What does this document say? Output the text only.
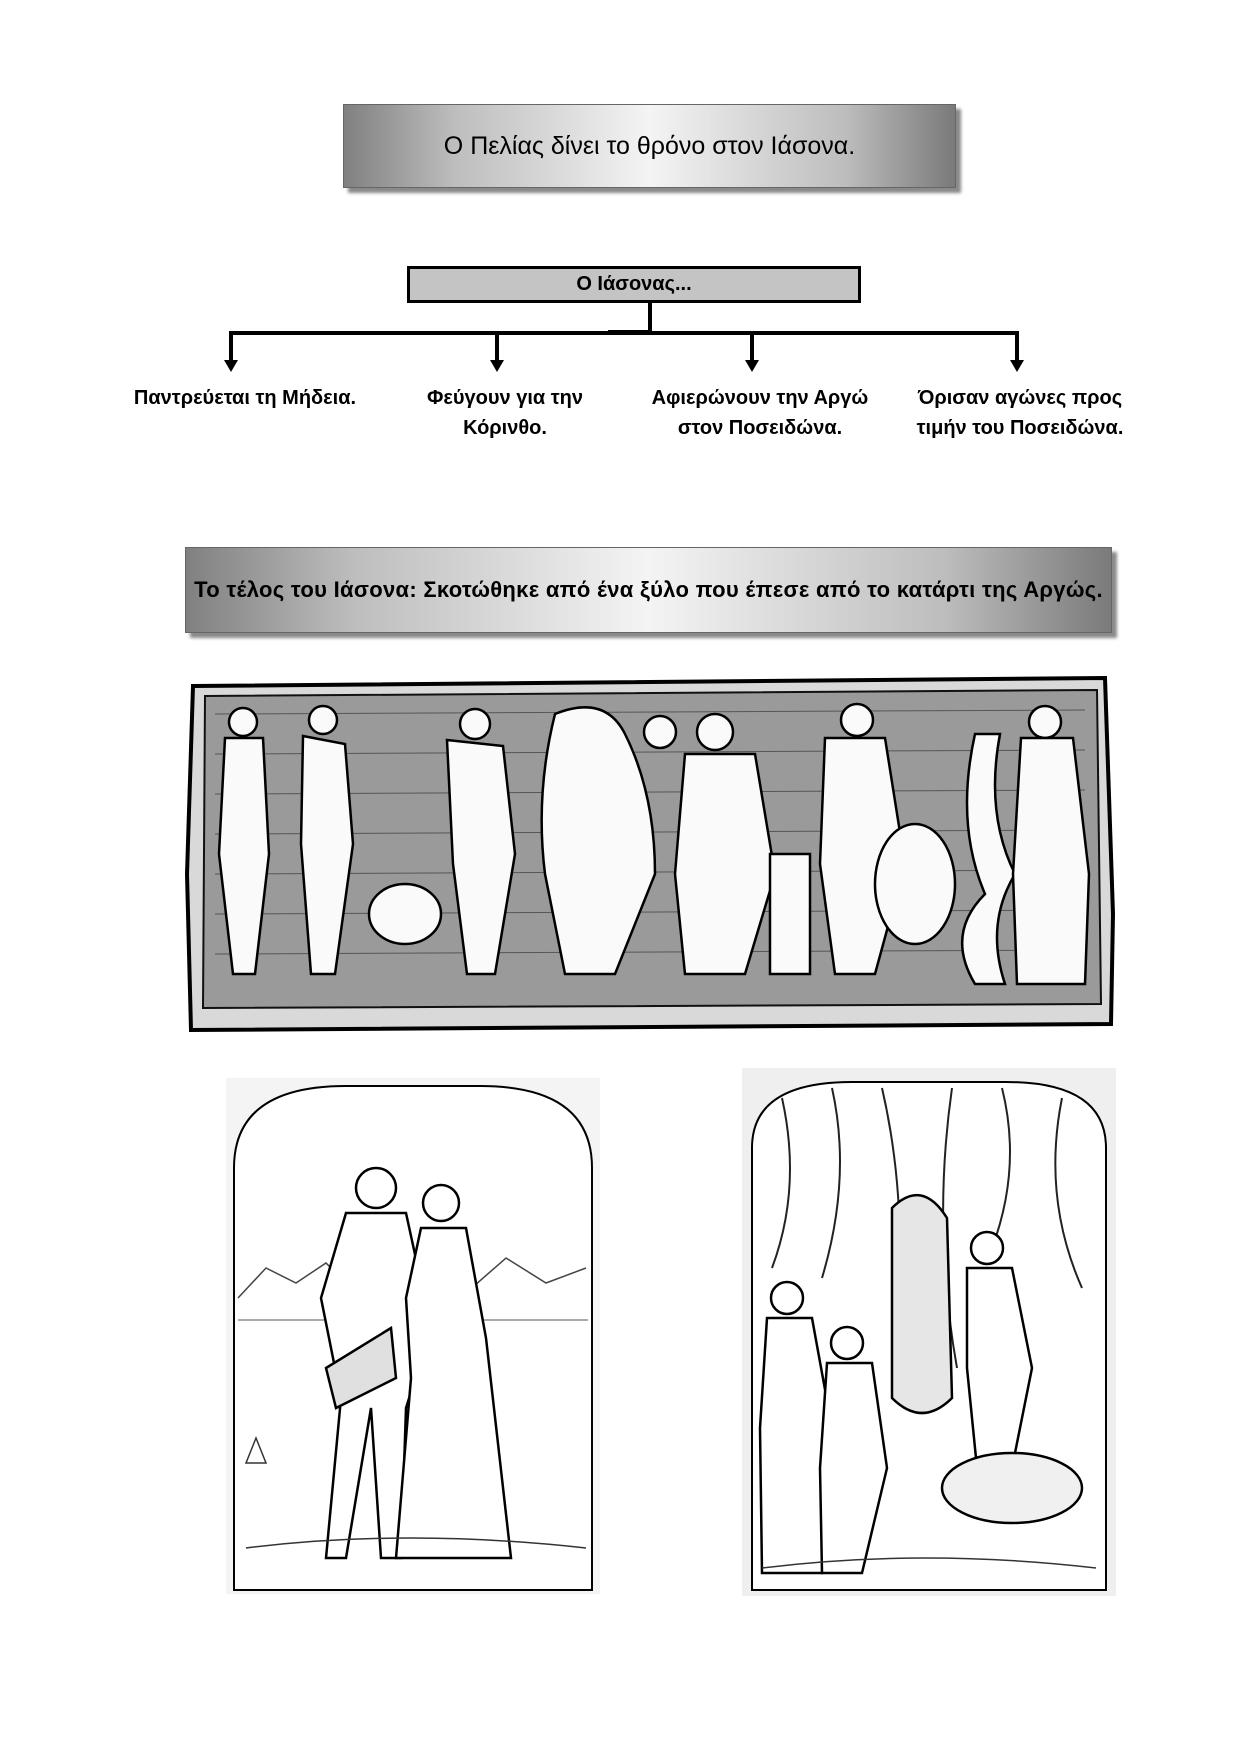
Ο Πελίας δίνει το θρόνο στον Ιάσονα.
Ο Ιάσονας...
Παντρεύεται τη Μήδεια.	Φεύγουν για την
Κόρινθο.
Αφιερώνουν την Αργώ
στον Ποσειδώνα.
Όρισαν αγώνες προς
τιμήν του Ποσειδώνα.
Το τέλος του Ιάσονα: Σκοτώθηκε από ένα ξύλο που έπεσε από το κατάρτι της Αργώς.
